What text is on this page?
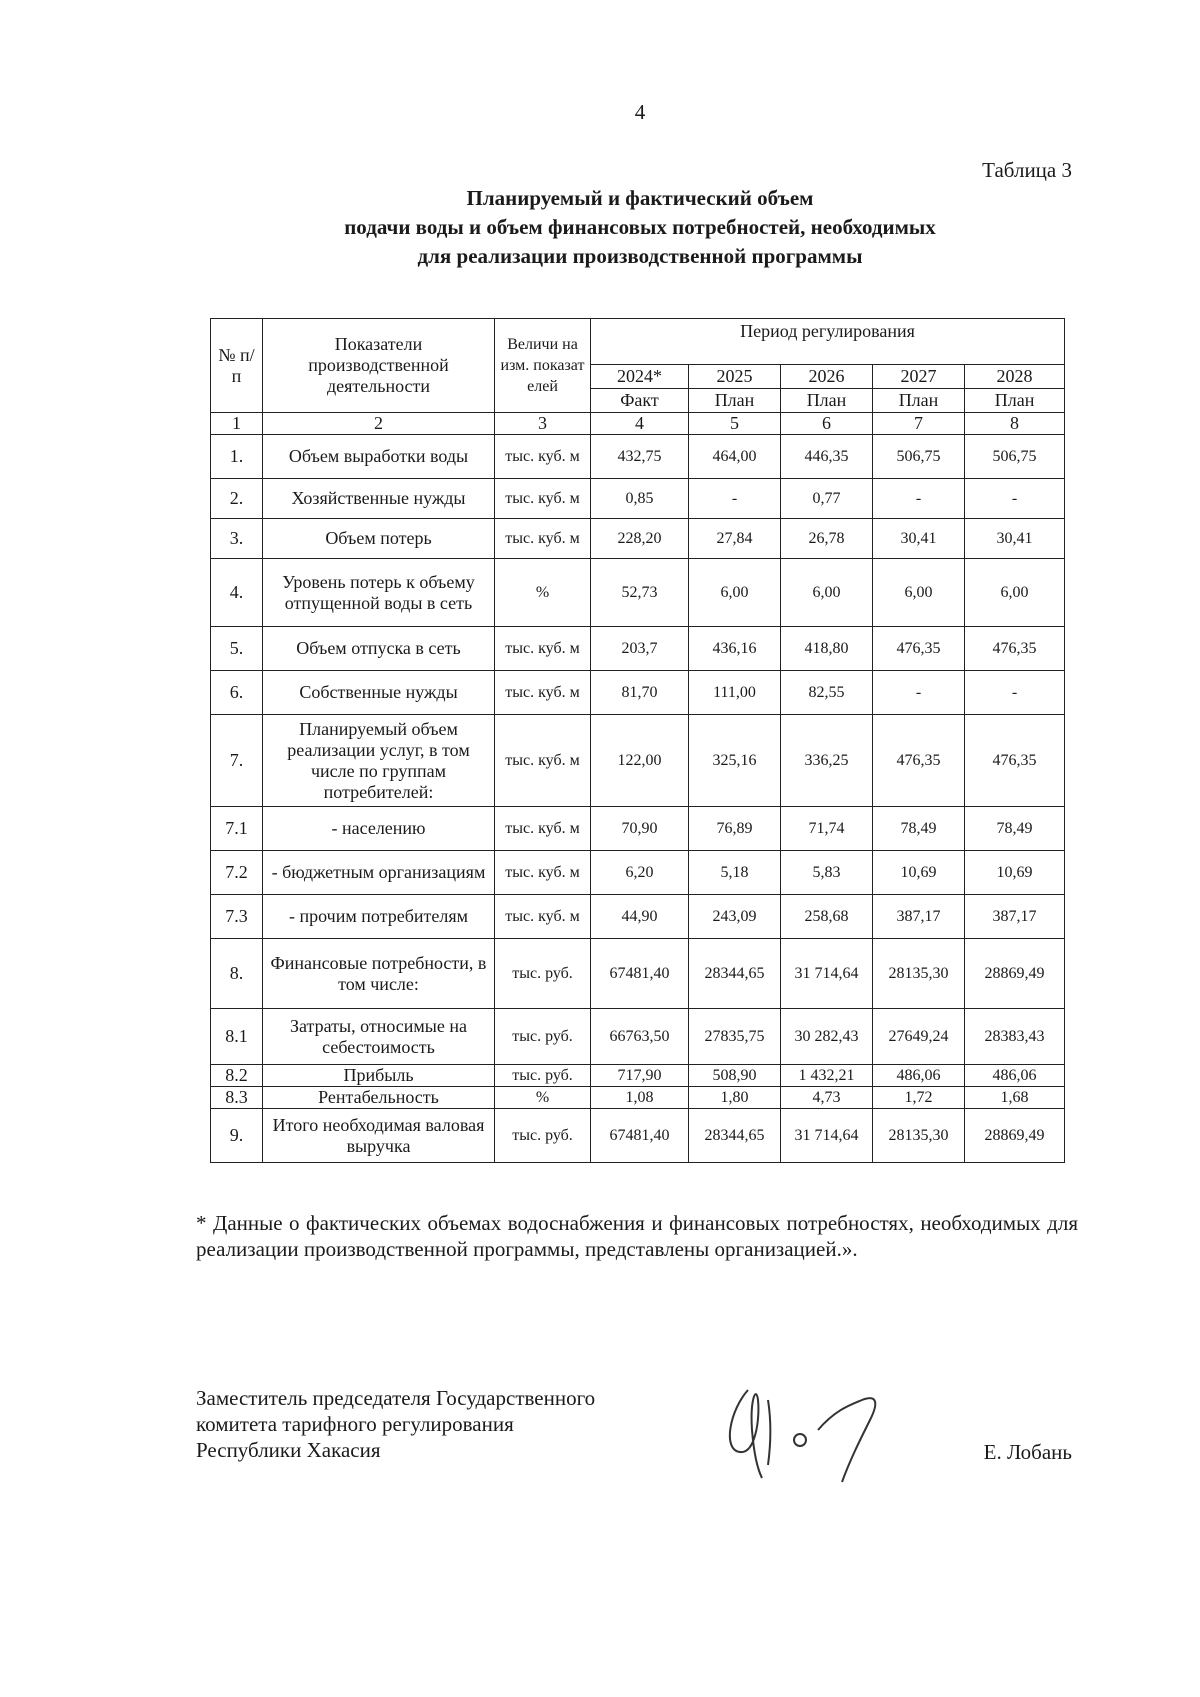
4
Таблица 3
Планируемый и фактический объем
подачи воды и объем финансовых потребностей, необходимых
для реализации производственной программы
№ п/п	Показатели производственной деятельности	Величи на изм. показат елей	Период регулирования				
			2024*	2025	2026	2027	2028
			Факт	План	План	План	План
1	2	3	4	5	6	7	8
1.	Объем выработки воды	тыс. куб. м	432,75	464,00	446,35	506,75	506,75
2.	Хозяйственные нужды	тыс. куб. м	0,85	-	0,77	-	-
3.	Объем потерь	тыс. куб. м	228,20	27,84	26,78	30,41	30,41
4.	Уровень потерь к объему отпущенной воды в сеть	%	52,73	6,00	6,00	6,00	6,00
5.	Объем отпуска в сеть	тыс. куб. м	203,7	436,16	418,80	476,35	476,35
6.	Собственные нужды	тыс. куб. м	81,70	111,00	82,55	-	-
7.	Планируемый объем реализации услуг, в том числе по группам потребителей:	тыс. куб. м	122,00	325,16	336,25	476,35	476,35
7.1	- населению	тыс. куб. м	70,90	76,89	71,74	78,49	78,49
7.2	- бюджетным организациям	тыс. куб. м	6,20	5,18	5,83	10,69	10,69
7.3	- прочим потребителям	тыс. куб. м	44,90	243,09	258,68	387,17	387,17
8.	Финансовые потребности, в том числе:	тыс. руб.	67481,40	28344,65	31 714,64	28135,30	28869,49
8.1	Затраты, относимые на себестоимость	тыс. руб.	66763,50	27835,75	30 282,43	27649,24	28383,43
8.2	Прибыль	тыс. руб.	717,90	508,90	1 432,21	486,06	486,06
8.3	Рентабельность	%	1,08	1,80	4,73	1,72	1,68
9.	Итого необходимая валовая выручка	тыс. руб.	67481,40	28344,65	31 714,64	28135,30	28869,49
* Данные о фактических объемах водоснабжения и финансовых потребностях, необходимых для реализации производственной программы, представлены организацией.».
Заместитель председателя Государственного
комитета тарифного регулирования
Республики Хакасия	Е. Лобань
